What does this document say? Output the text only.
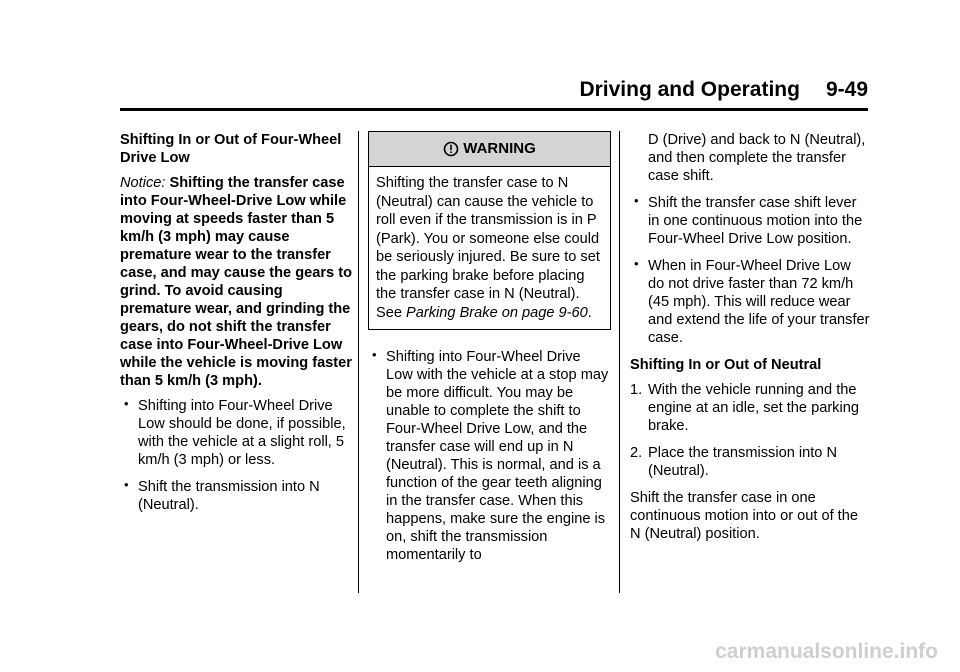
Driving and Operating 9-49

Shifting In or Out of Four-Wheel Drive Low

Notice: Shifting the transfer case into Four-Wheel-Drive Low while moving at speeds faster than 5 km/h (3 mph) may cause premature wear to the transfer case, and may cause the gears to grind. To avoid causing premature wear, and grinding the gears, do not shift the transfer case into Four-Wheel-Drive Low while the vehicle is moving faster than 5 km/h (3 mph).

• Shifting into Four-Wheel Drive Low should be done, if possible, with the vehicle at a slight roll, 5 km/h (3 mph) or less.
• Shift the transmission into N (Neutral).
WARNING
Shifting the transfer case to N (Neutral) can cause the vehicle to roll even if the transmission is in P (Park). You or someone else could be seriously injured. Be sure to set the parking brake before placing the transfer case in N (Neutral). See Parking Brake on page 9-60.
• Shifting into Four-Wheel Drive Low with the vehicle at a stop may be more difficult. You may be unable to complete the shift to Four-Wheel Drive Low, and the transfer case will end up in N (Neutral). This is normal, and is a function of the gear teeth aligning in the transfer case. When this happens, make sure the engine is on, shift the transmission momentarily to

D (Drive) and back to N (Neutral), and then complete the transfer case shift.

• Shift the transfer case shift lever in one continuous motion into the Four-Wheel Drive Low position.
• When in Four-Wheel Drive Low do not drive faster than 72 km/h (45 mph). This will reduce wear and extend the life of your transfer case.

Shifting In or Out of Neutral

1. With the vehicle running and the engine at an idle, set the parking brake.
2. Place the transmission into N (Neutral).

Shift the transfer case in one continuous motion into or out of the N (Neutral) position.

carmanualsonline.info
